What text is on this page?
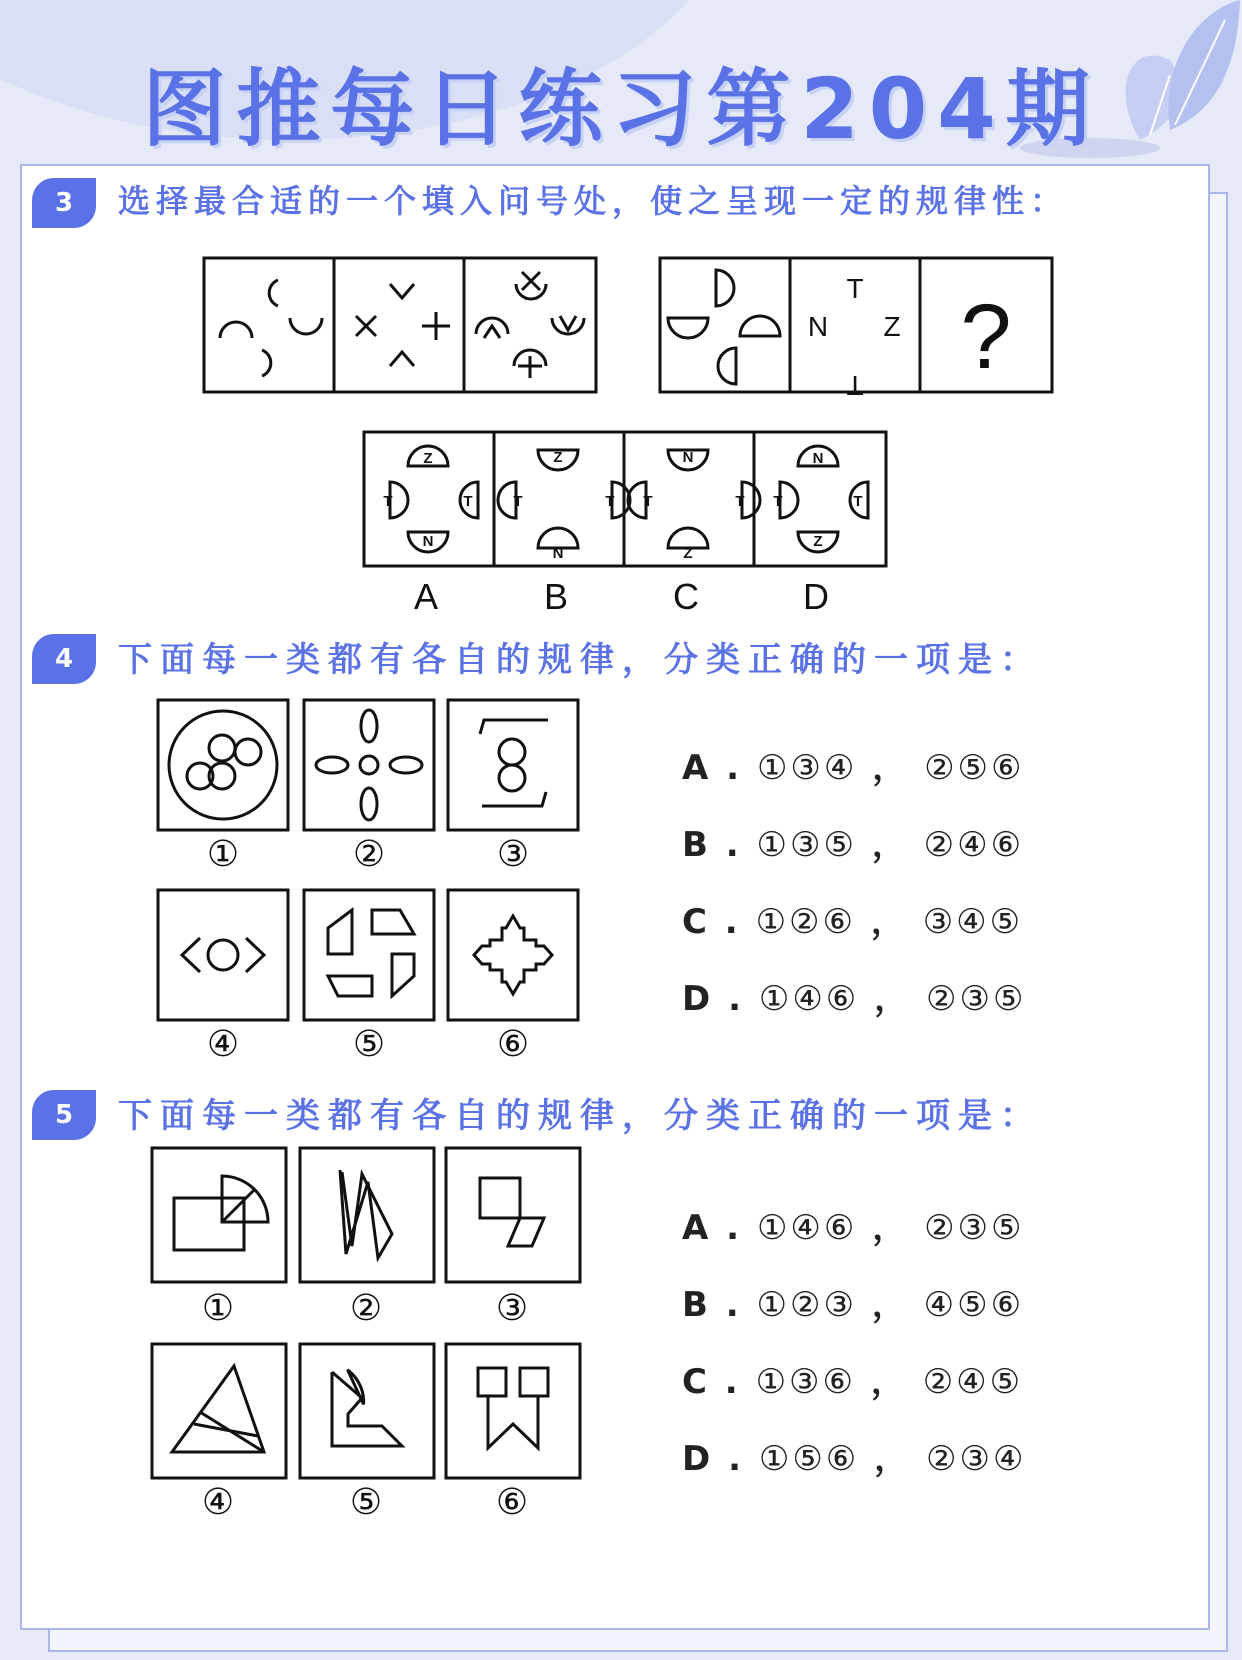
图推每日练习第204期
3	选择最合适的一个填入问号处，使之呈现一定的规律性：
T
N Z
T ?
Z
N
T	T
Z
N
T	T
N
Z
T	T
N
Z
T	T
A	B	C	D
4	下面每一类都有各自的规律，分类正确的一项是：
①	②	③
④	⑤	⑥
A . ①③④ ， ②⑤⑥
B . ①③⑤ ， ②④⑥
C . ①②⑥ ， ③④⑤
D . ①④⑥ ， ②③⑤
5	下面每一类都有各自的规律，分类正确的一项是：
①	②	③
④	⑤	⑥
A . ①④⑥ ， ②③⑤
B . ①②③ ， ④⑤⑥
C . ①③⑥ ， ②④⑤
D . ①⑤⑥ ， ②③④
